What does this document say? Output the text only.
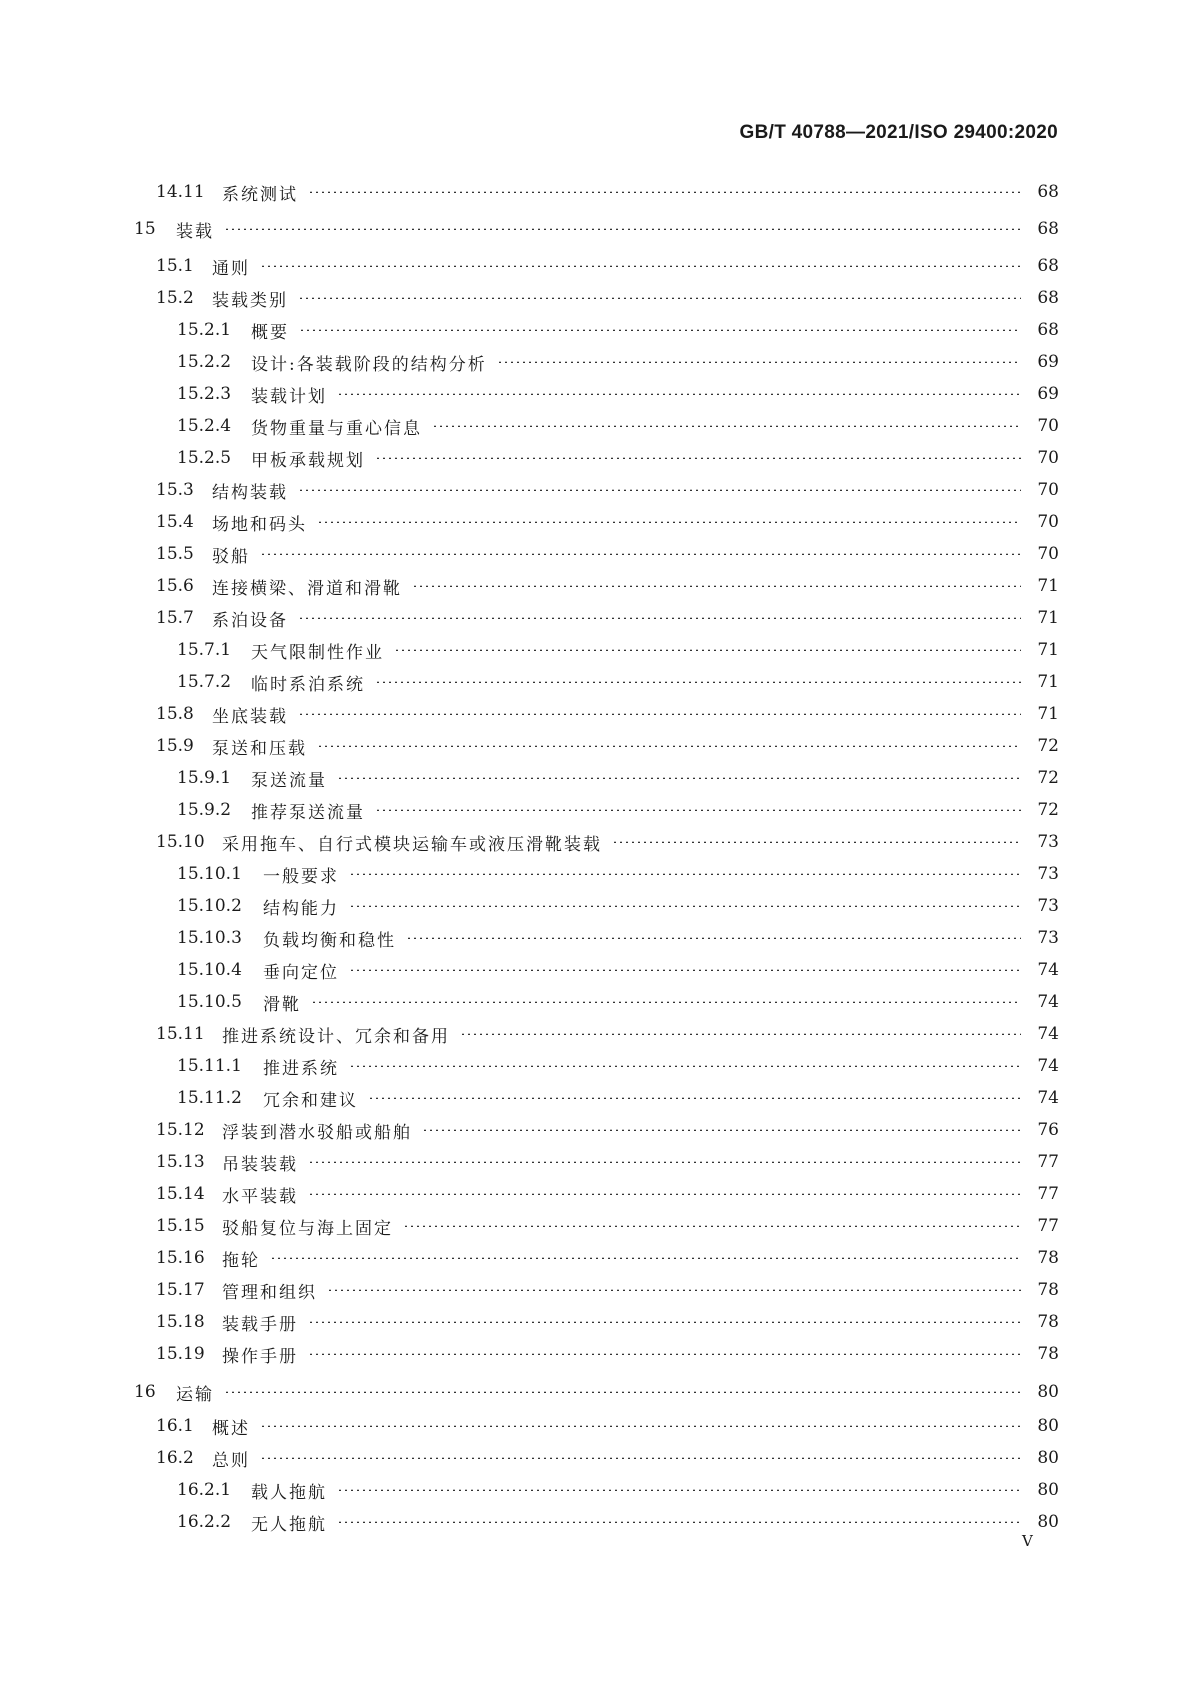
GB/T 40788—2021/ISO 29400:2020
14.11	系统测试	68
15	装载	68
15.1	通则	68
15.2	装载类别	68
15.2.1	概要	68
15.2.2	设计:各装载阶段的结构分析	69
15.2.3	装载计划	69
15.2.4	货物重量与重心信息	70
15.2.5	甲板承载规划	70
15.3	结构装载	70
15.4	场地和码头	70
15.5	驳船	70
15.6	连接横梁、滑道和滑靴	71
15.7	系泊设备	71
15.7.1	天气限制性作业	71
15.7.2	临时系泊系统	71
15.8	坐底装载	71
15.9	泵送和压载	72
15.9.1	泵送流量	72
15.9.2	推荐泵送流量	72
15.10	采用拖车、自行式模块运输车或液压滑靴装载	73
15.10.1	一般要求	73
15.10.2	结构能力	73
15.10.3	负载均衡和稳性	73
15.10.4	垂向定位	74
15.10.5	滑靴	74
15.11	推进系统设计、冗余和备用	74
15.11.1	推进系统	74
15.11.2	冗余和建议	74
15.12	浮装到潜水驳船或船舶	76
15.13	吊装装载	77
15.14	水平装载	77
15.15	驳船复位与海上固定	77
15.16	拖轮	78
15.17	管理和组织	78
15.18	装载手册	78
15.19	操作手册	78
16	运输	80
16.1	概述	80
16.2	总则	80
16.2.1	载人拖航	80
16.2.2	无人拖航	80
V
